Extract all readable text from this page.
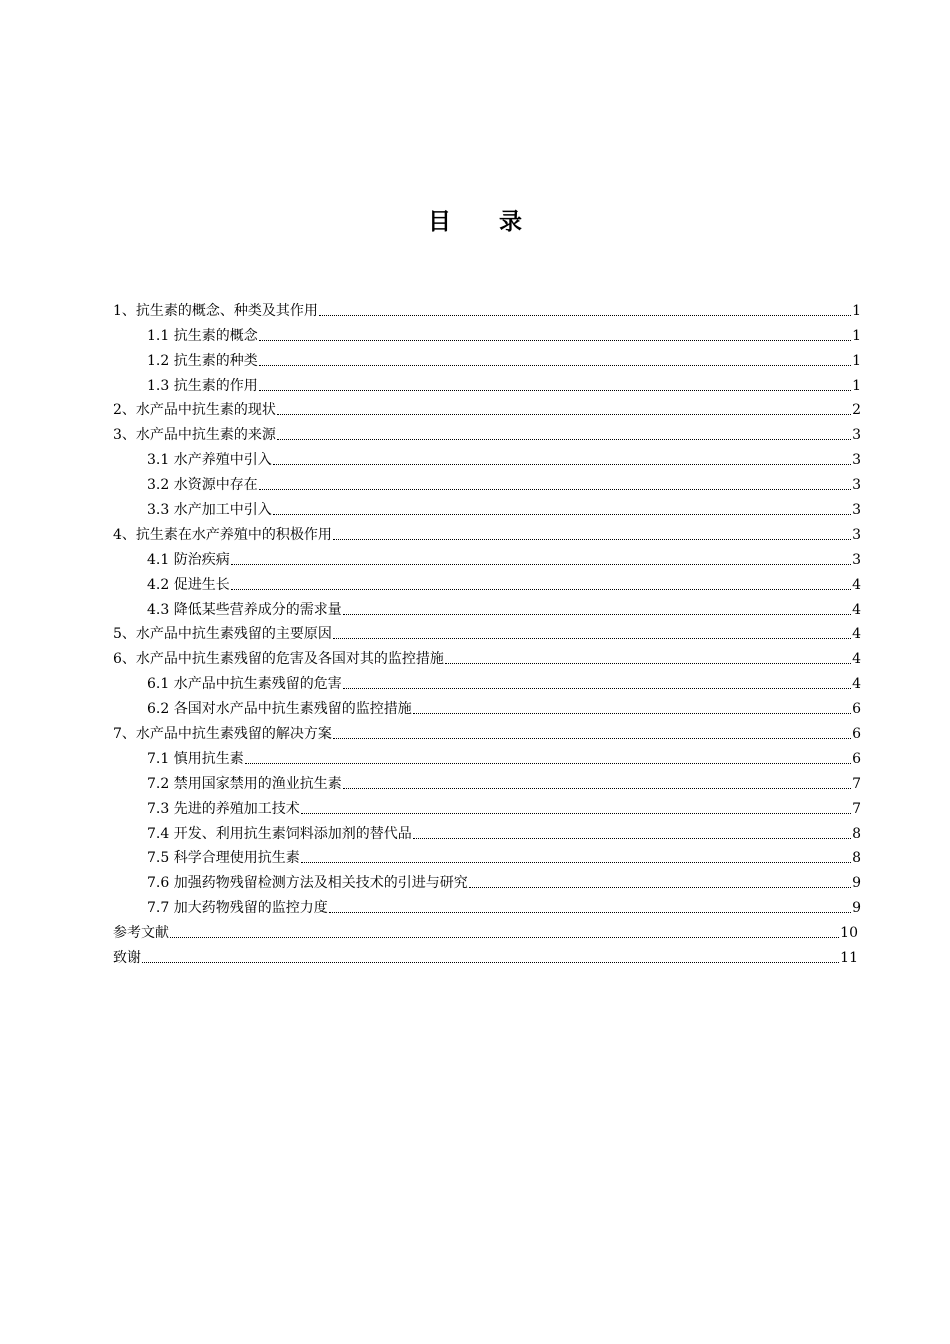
目 录
1、抗生素的概念、种类及其作用	1
1.1 抗生素的概念	1
1.2 抗生素的种类	1
1.3 抗生素的作用	1
2、水产品中抗生素的现状	2
3、水产品中抗生素的来源	3
3.1 水产养殖中引入	3
3.2 水资源中存在	3
3.3 水产加工中引入	3
4、抗生素在水产养殖中的积极作用	3
4.1 防治疾病	3
4.2 促进生长	4
4.3 降低某些营养成分的需求量	4
5、水产品中抗生素残留的主要原因	4
6、水产品中抗生素残留的危害及各国对其的监控措施	4
6.1 水产品中抗生素残留的危害	4
6.2 各国对水产品中抗生素残留的监控措施	6
7、水产品中抗生素残留的解决方案	6
7.1 慎用抗生素	6
7.2 禁用国家禁用的渔业抗生素	7
7.3 先进的养殖加工技术	7
7.4 开发、利用抗生素饲料添加剂的替代品	8
7.5 科学合理使用抗生素	8
7.6 加强药物残留检测方法及相关技术的引进与研究	9
7.7 加大药物残留的监控力度	9
参考文献	10
致谢	11
